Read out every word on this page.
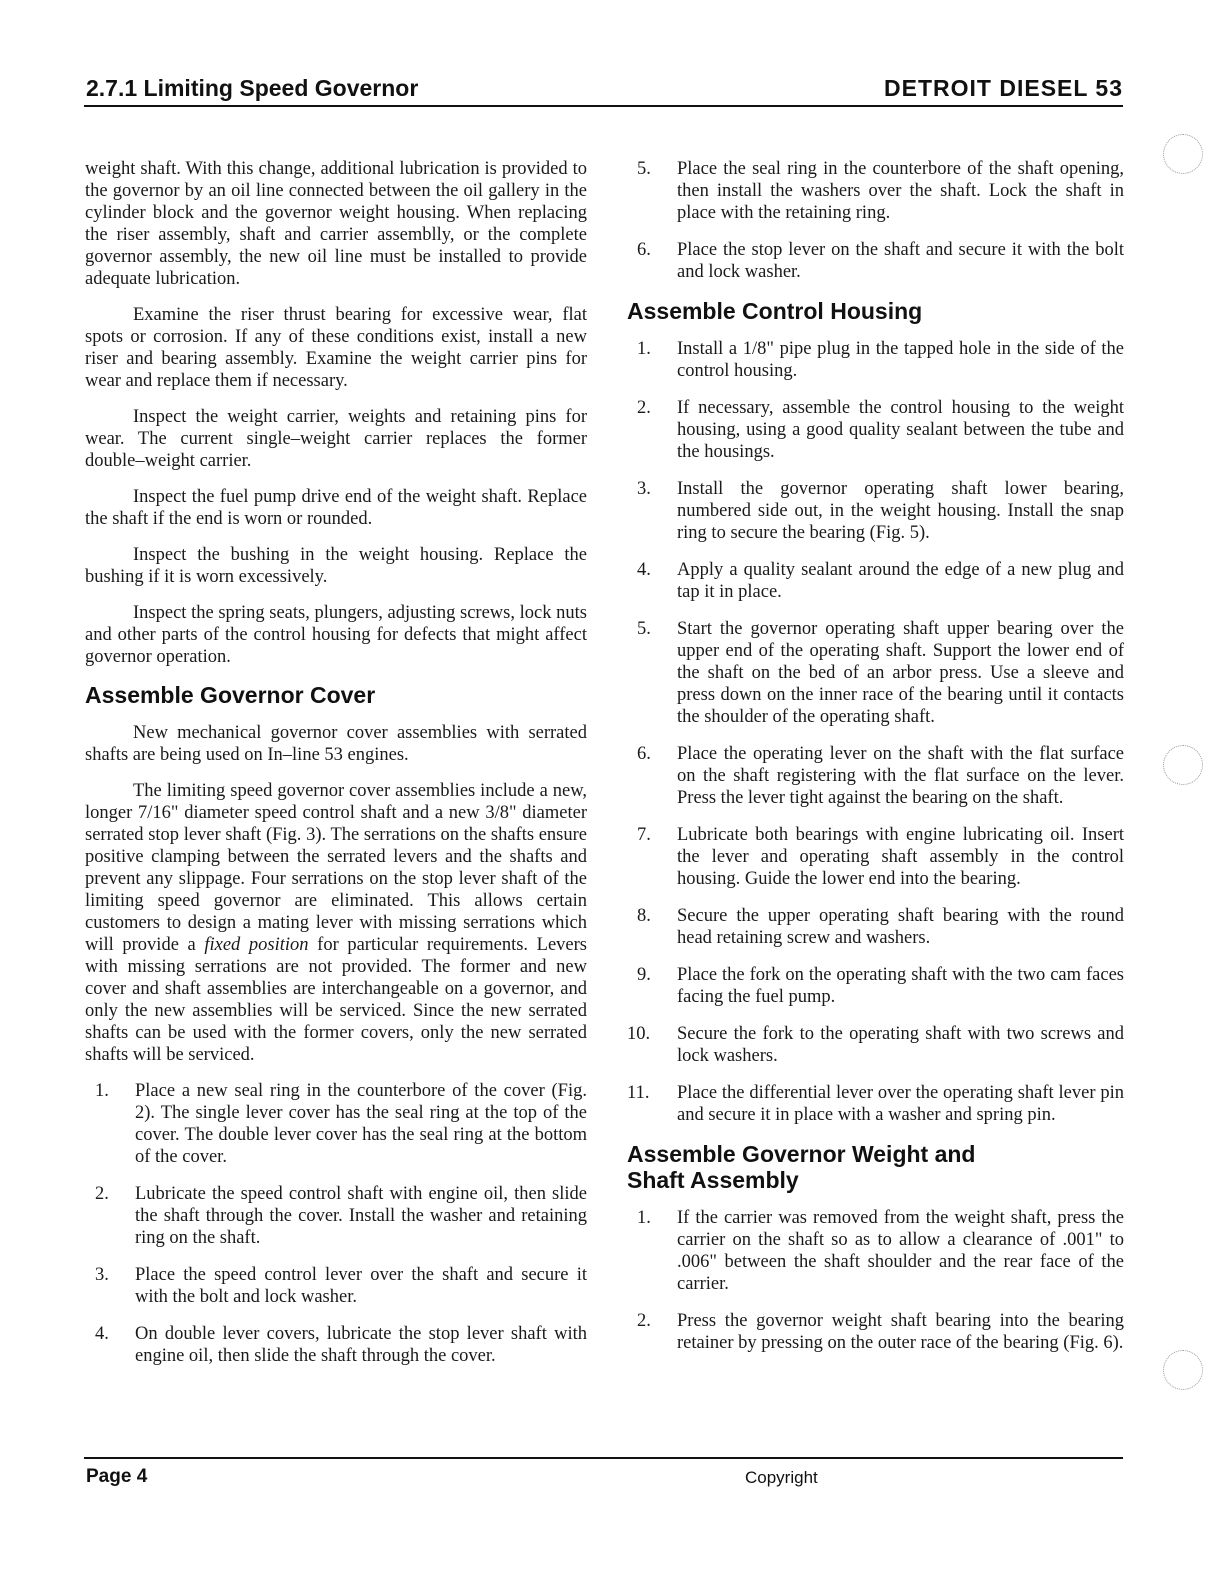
2.7.1 Limiting Speed Governor	DETROIT DIESEL 53

weight shaft. With this change, additional lubrication is provided to the governor by an oil line connected between the oil gallery in the cylinder block and the governor weight housing. When replacing the riser assembly, shaft and carrier assemblly, or the complete governor assembly, the new oil line must be installed to provide adequate lubrication.

Examine the riser thrust bearing for excessive wear, flat spots or corrosion. If any of these conditions exist, install a new riser and bearing assembly. Examine the weight carrier pins for wear and replace them if necessary.

Inspect the weight carrier, weights and retaining pins for wear. The current single–weight carrier replaces the former double–weight carrier.

Inspect the fuel pump drive end of the weight shaft. Replace the shaft if the end is worn or rounded.

Inspect the bushing in the weight housing. Replace the bushing if it is worn excessively.

Inspect the spring seats, plungers, adjusting screws, lock nuts and other parts of the control housing for defects that might affect governor operation.

Assemble Governor Cover

New mechanical governor cover assemblies with serrated shafts are being used on In–line 53 engines.

The limiting speed governor cover assemblies include a new, longer 7/16" diameter speed control shaft and a new 3/8" diameter serrated stop lever shaft (Fig. 3). The serrations on the shafts ensure positive clamping between the serrated levers and the shafts and prevent any slippage. Four serrations on the stop lever shaft of the limiting speed governor are eliminated. This allows certain customers to design a mating lever with missing serrations which will provide a fixed position for particular requirements. Levers with missing serrations are not provided. The former and new cover and shaft assemblies are interchangeable on a governor, and only the new assemblies will be serviced. Since the new serrated shafts can be used with the former covers, only the new serrated shafts will be serviced.

1. Place a new seal ring in the counterbore of the cover (Fig. 2). The single lever cover has the seal ring at the top of the cover. The double lever cover has the seal ring at the bottom of the cover.
2. Lubricate the speed control shaft with engine oil, then slide the shaft through the cover. Install the washer and retaining ring on the shaft.
3. Place the speed control lever over the shaft and secure it with the bolt and lock washer.
4. On double lever covers, lubricate the stop lever shaft with engine oil, then slide the shaft through the cover.
5. Place the seal ring in the counterbore of the shaft opening, then install the washers over the shaft. Lock the shaft in place with the retaining ring.
6. Place the stop lever on the shaft and secure it with the bolt and lock washer.
Assemble Control Housing
1. Install a 1/8" pipe plug in the tapped hole in the side of the control housing.
2. If necessary, assemble the control housing to the weight housing, using a good quality sealant between the tube and the housings.
3. Install the governor operating shaft lower bearing, numbered side out, in the weight housing. Install the snap ring to secure the bearing (Fig. 5).
4. Apply a quality sealant around the edge of a new plug and tap it in place.
5. Start the governor operating shaft upper bearing over the upper end of the operating shaft. Support the lower end of the shaft on the bed of an arbor press. Use a sleeve and press down on the inner race of the bearing until it contacts the shoulder of the operating shaft.
6. Place the operating lever on the shaft with the flat surface on the shaft registering with the flat surface on the lever. Press the lever tight against the bearing on the shaft.
7. Lubricate both bearings with engine lubricating oil. Insert the lever and operating shaft assembly in the control housing. Guide the lower end into the bearing.
8. Secure the upper operating shaft bearing with the round head retaining screw and washers.
9. Place the fork on the operating shaft with the two cam faces facing the fuel pump.
10. Secure the fork to the operating shaft with two screws and lock washers.
11. Place the differential lever over the operating shaft lever pin and secure it in place with a washer and spring pin.
Assemble Governor Weight and
Shaft Assembly
1. If the carrier was removed from the weight shaft, press the carrier on the shaft so as to allow a clearance of .001" to .006" between the shaft shoulder and the rear face of the carrier.
2. Press the governor weight shaft bearing into the bearing retainer by pressing on the outer race of the bearing (Fig. 6).
Page 4	Copyright
